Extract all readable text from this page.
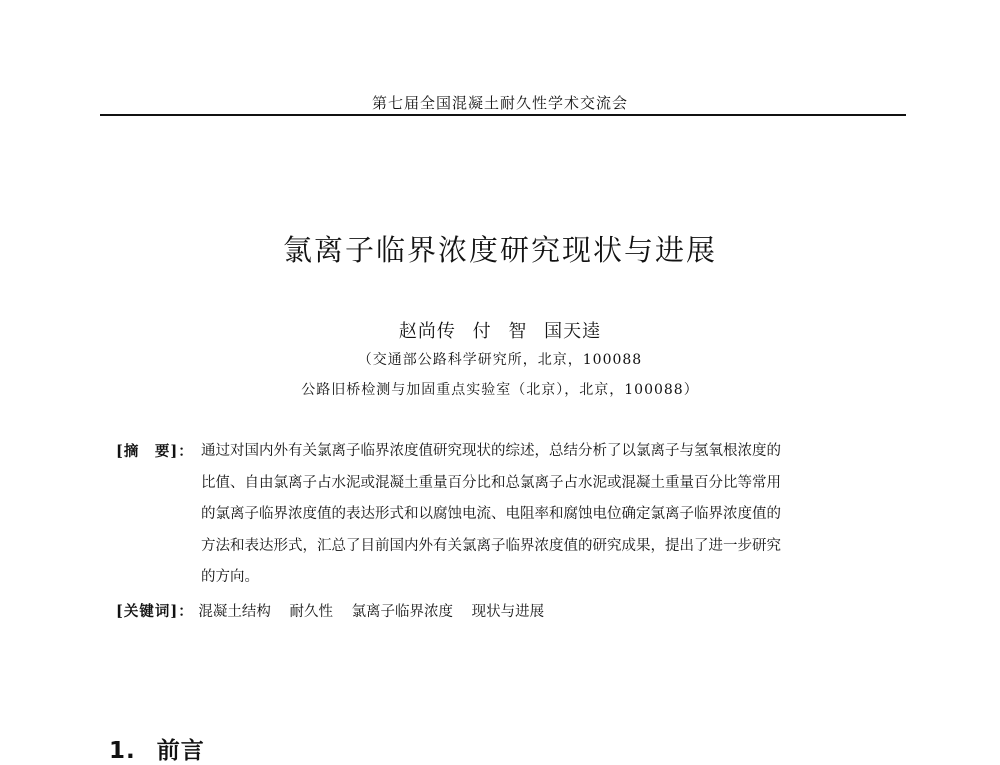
第七届全国混凝土耐久性学术交流会
氯离子临界浓度研究现状与进展
赵尚传 付 智 国天逵
（交通部公路科学研究所，北京，100088
公路旧桥检测与加固重点实验室（北京），北京，100088）
[摘　要]： 通过对国内外有关氯离子临界浓度值研究现状的综述，总结分析了以氯离子与氢氧根浓度的
比值、自由氯离子占水泥或混凝土重量百分比和总氯离子占水泥或混凝土重量百分比等常用
的氯离子临界浓度值的表达形式和以腐蚀电流、电阻率和腐蚀电位确定氯离子临界浓度值的
方法和表达形式，汇总了目前国内外有关氯离子临界浓度值的研究成果，提出了进一步研究
的方向。
[关键词]： 混凝土结构 耐久性 氯离子临界浓度 现状与进展
1. 前言
